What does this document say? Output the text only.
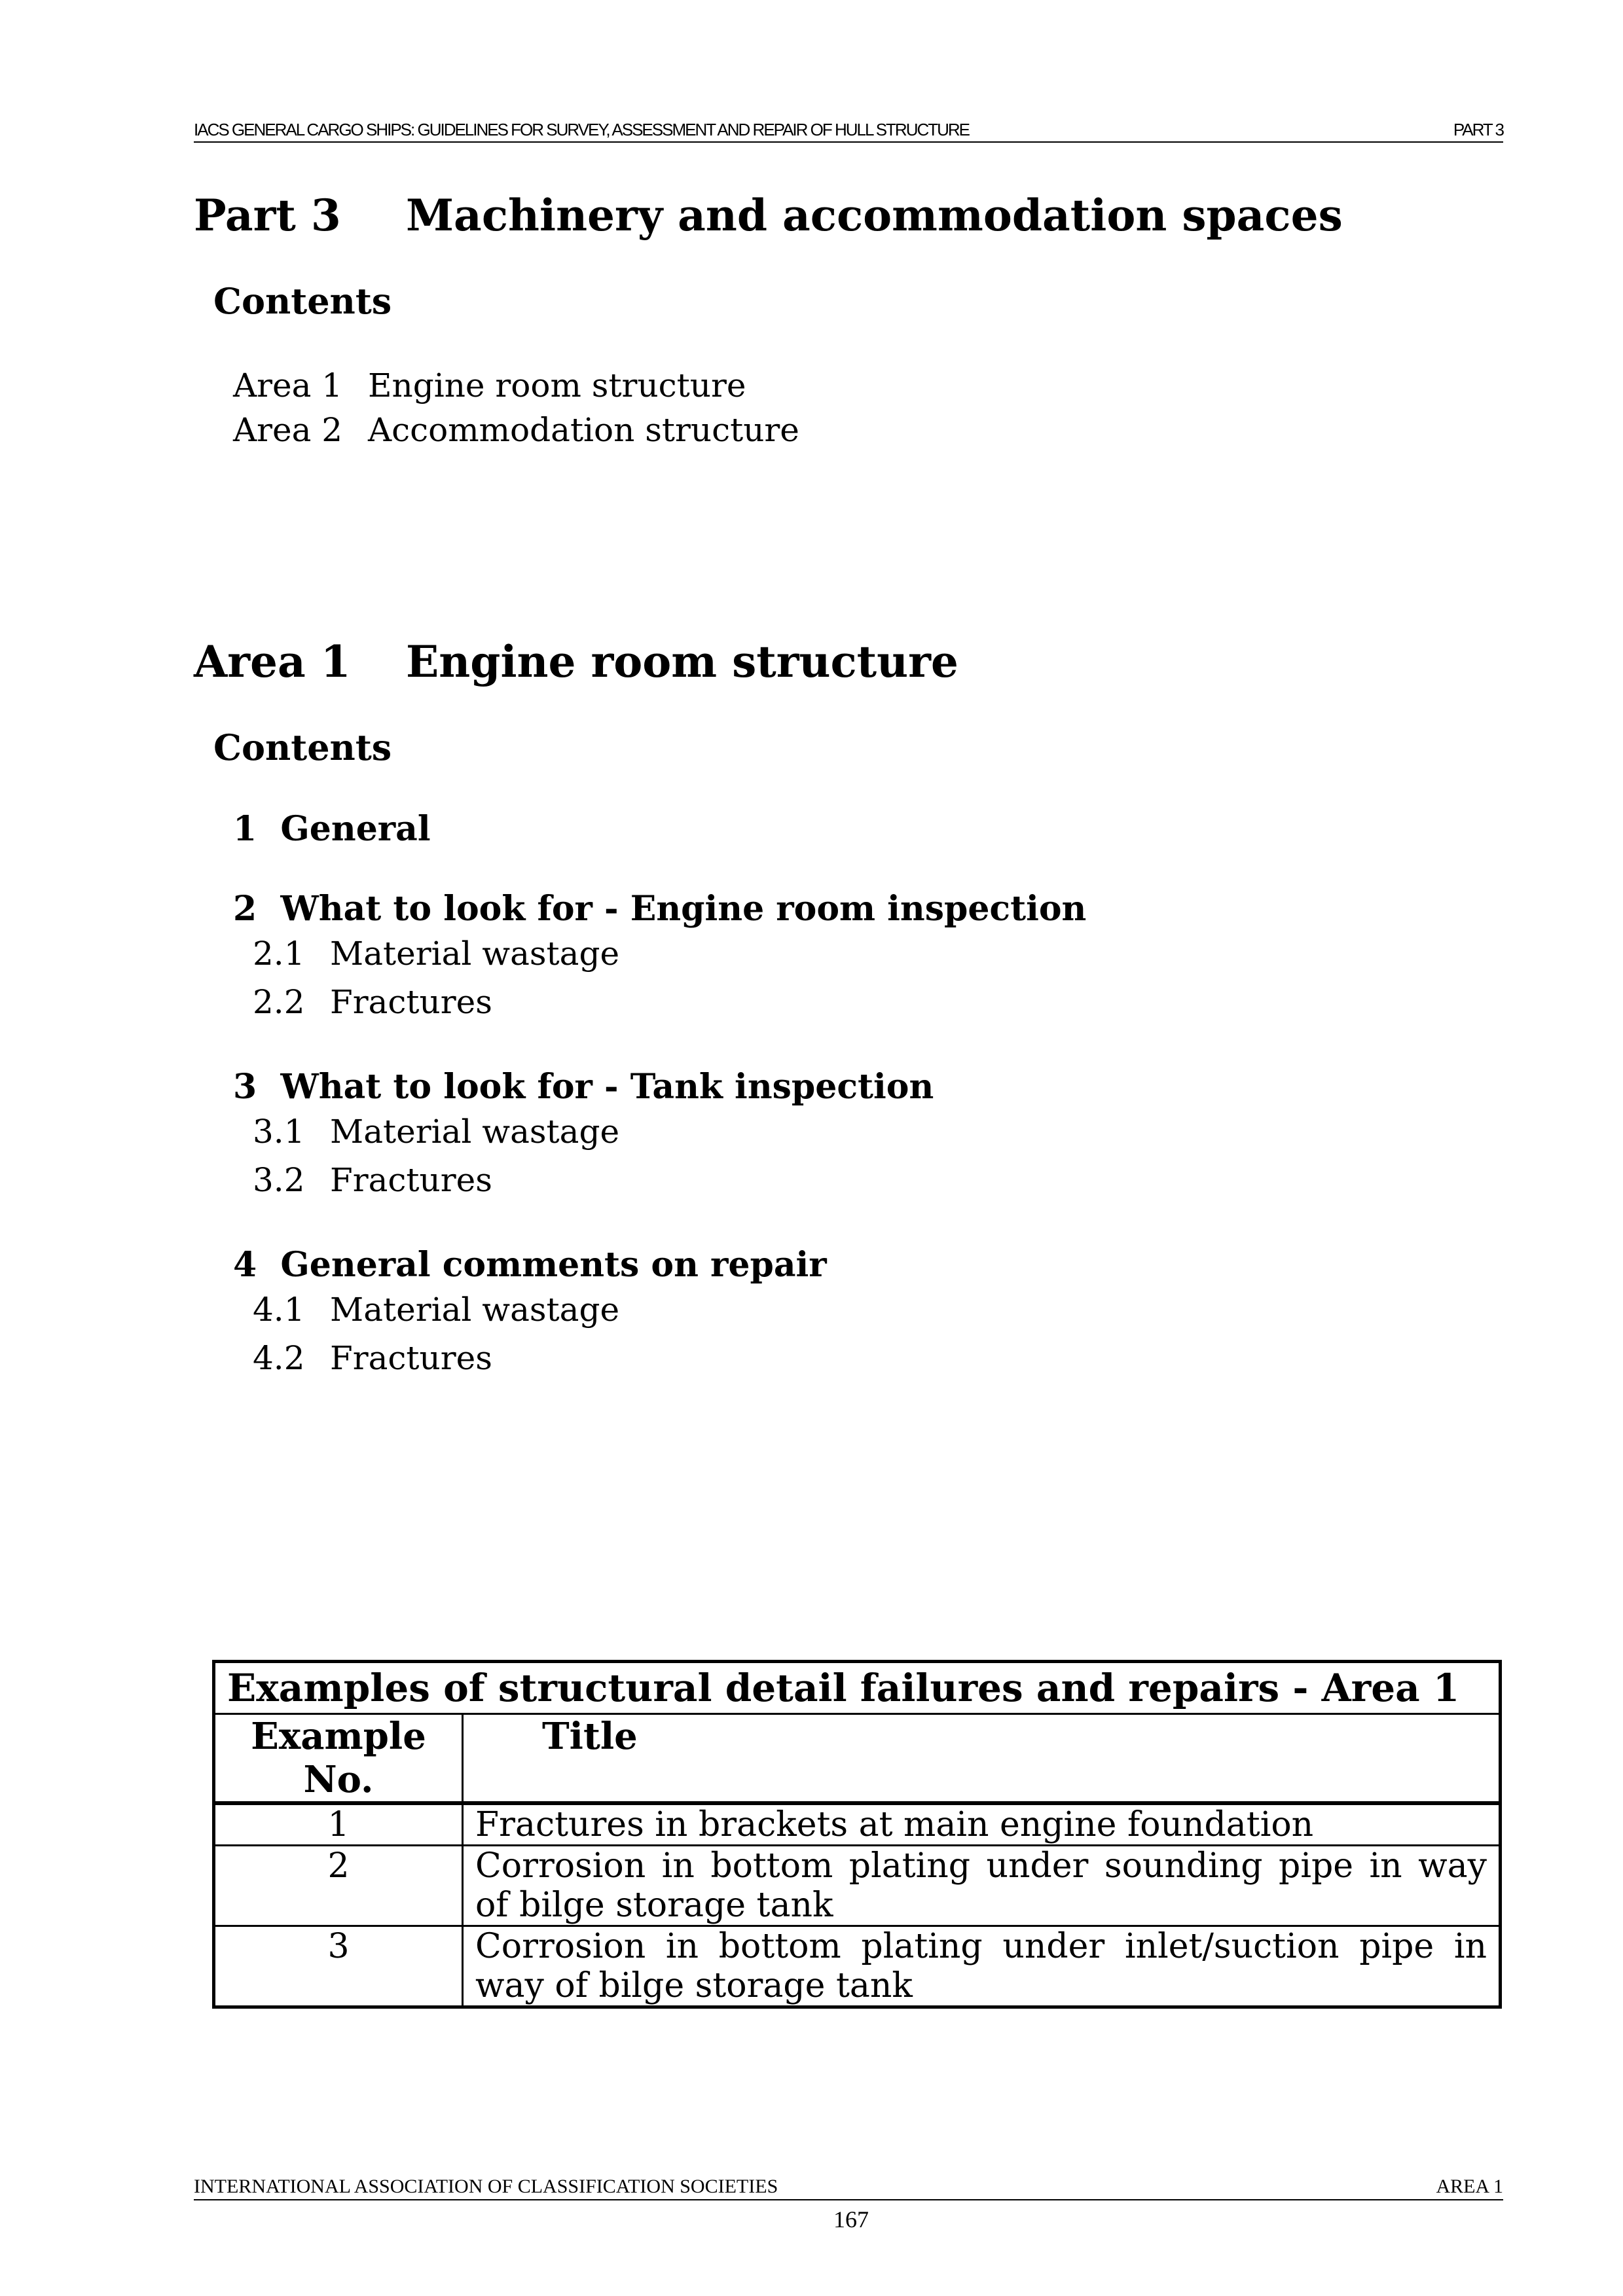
IACS GENERAL CARGO SHIPS: GUIDELINES FOR SURVEY, ASSESSMENT AND REPAIR OF HULL STRUCTURE	PART 3
Part 3 Machinery and accommodation spaces
Contents
Area 1 Engine room structure
Area 2 Accommodation structure
Area 1 Engine room structure
Contents
1  General
2  What to look for - Engine room inspection
2.1 Material wastage
2.2 Fractures
3  What to look for - Tank inspection
3.1 Material wastage
3.2 Fractures
4  General comments on repair
4.1 Material wastage
4.2 Fractures
Examples of structural detail failures and repairs - Area 1	
Example No.	Title
1	Fractures in brackets at main engine foundation
2	Corrosion in bottom plating under sounding pipe in way of bilge storage tank
3	Corrosion in bottom plating under inlet/suction pipe in way of bilge storage tank
INTERNATIONAL ASSOCIATION OF CLASSIFICATION SOCIETIES	AREA 1
167
